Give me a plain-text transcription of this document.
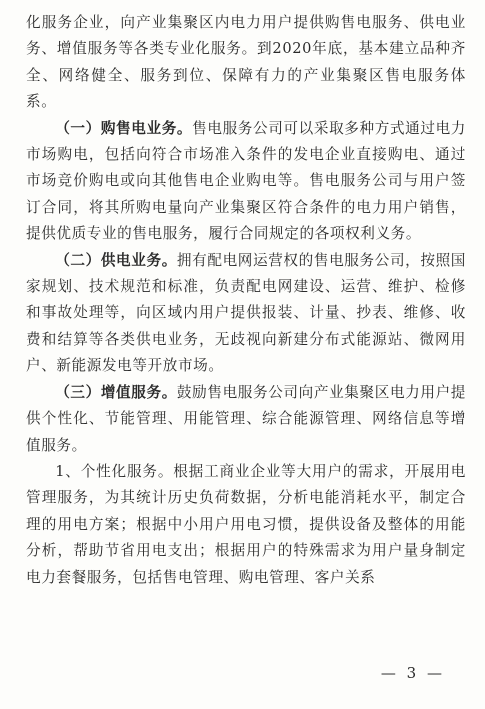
化服务企业，向产业集聚区内电力用户提供购售电服务、供电业务、增值服务等各类专业化服务。到2020年底，基本建立品种齐全、网络健全、服务到位、保障有力的产业集聚区售电服务体系。

（一）购售电业务。售电服务公司可以采取多种方式通过电力市场购电，包括向符合市场准入条件的发电企业直接购电、通过市场竞价购电或向其他售电企业购电等。售电服务公司与用户签订合同，将其所购电量向产业集聚区符合条件的电力用户销售，提供优质专业的售电服务，履行合同规定的各项权利义务。

（二）供电业务。拥有配电网运营权的售电服务公司，按照国家规划、技术规范和标准，负责配电网建设、运营、维护、检修和事故处理等，向区域内用户提供报装、计量、抄表、维修、收费和结算等各类供电业务，无歧视向新建分布式能源站、微网用户、新能源发电等开放市场。

（三）增值服务。鼓励售电服务公司向产业集聚区电力用户提供个性化、节能管理、用能管理、综合能源管理、网络信息等增值服务。

1、个性化服务。根据工商业企业等大用户的需求，开展用电管理服务，为其统计历史负荷数据，分析电能消耗水平，制定合理的用电方案；根据中小用户用电习惯，提供设备及整体的用能分析，帮助节省用电支出；根据用户的特殊需求为用户量身制定电力套餐服务，包括售电管理、购电管理、客户关系

— 3 —
